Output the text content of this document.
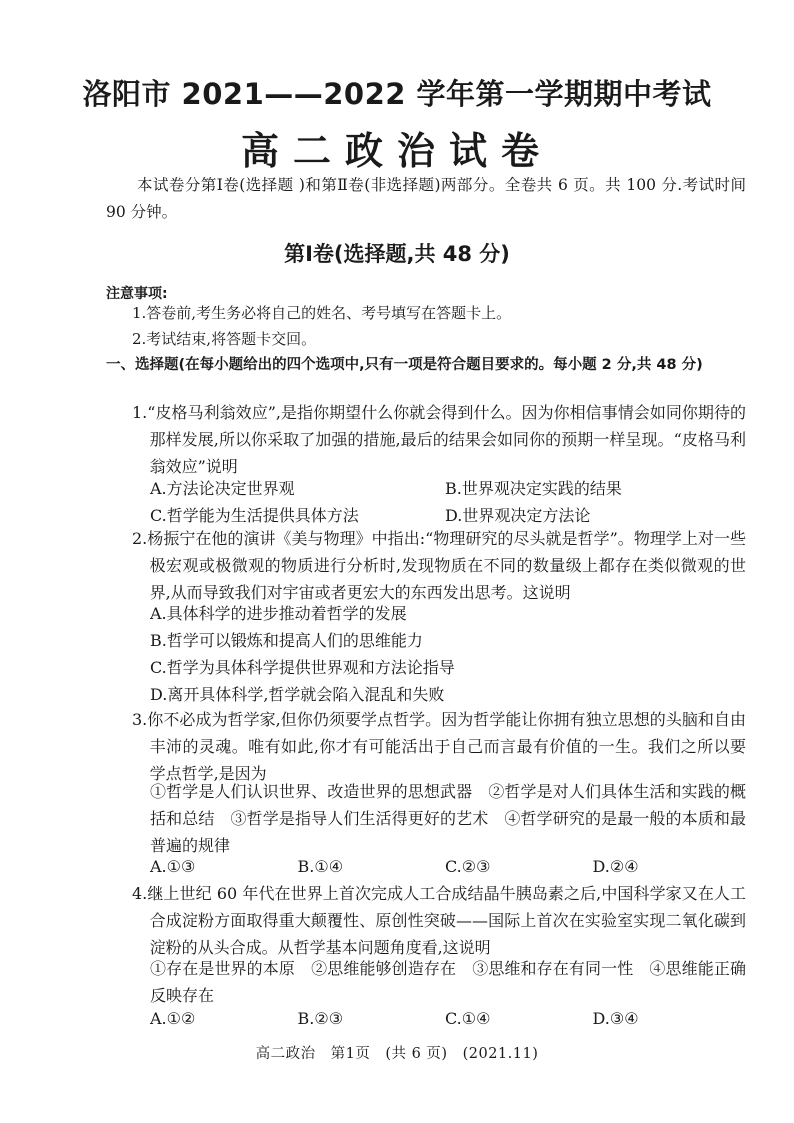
洛阳市 2021——2022 学年第一学期期中考试
高二政治试卷
本试卷分第Ⅰ卷(选择题 )和第Ⅱ卷(非选择题)两部分。全卷共 6 页。共 100 分.考试时间 90 分钟。
第Ⅰ卷(选择题,共 48 分)
注意事项:
1.答卷前,考生务必将自己的姓名、考号填写在答题卡上。
2.考试结束,将答题卡交回。
一、选择题(在每小题给出的四个选项中,只有一项是符合题目要求的。每小题 2 分,共 48 分)
1.“皮格马利翁效应”,是指你期望什么你就会得到什么。因为你相信事情会如同你期待的那样发展,所以你采取了加强的措施,最后的结果会如同你的预期一样呈现。“皮格马利翁效应”说明
A.方法论决定世界观	B.世界观决定实践的结果
C.哲学能为生活提供具体方法	D.世界观决定方法论
2.杨振宁在他的演讲《美与物理》中指出:“物理研究的尽头就是哲学”。物理学上对一些极宏观或极微观的物质进行分析时,发现物质在不同的数量级上都存在类似微观的世界,从而导致我们对宇宙或者更宏大的东西发出思考。这说明
A.具体科学的进步推动着哲学的发展
B.哲学可以锻炼和提高人们的思维能力
C.哲学为具体科学提供世界观和方法论指导
D.离开具体科学,哲学就会陷入混乱和失败
3.你不必成为哲学家,但你仍须要学点哲学。因为哲学能让你拥有独立思想的头脑和自由丰沛的灵魂。唯有如此,你才有可能活出于自己而言最有价值的一生。我们之所以要学点哲学,是因为
①哲学是人们认识世界、改造世界的思想武器　②哲学是对人们具体生活和实践的概括和总结　③哲学是指导人们生活得更好的艺术　④哲学研究的是最一般的本质和最普遍的规律
A.①③	B.①④	C.②③	D.②④
4.继上世纪 60 年代在世界上首次完成人工合成结晶牛胰岛素之后,中国科学家又在人工合成淀粉方面取得重大颠覆性、原创性突破——国际上首次在实验室实现二氧化碳到淀粉的从头合成。从哲学基本问题角度看,这说明
①存在是世界的本原　②思维能够创造存在　③思维和存在有同一性　④思维能正确反映存在
A.①②	B.②③	C.①④	D.③④
高二政治　第1页　(共 6 页)　(2021.11)
